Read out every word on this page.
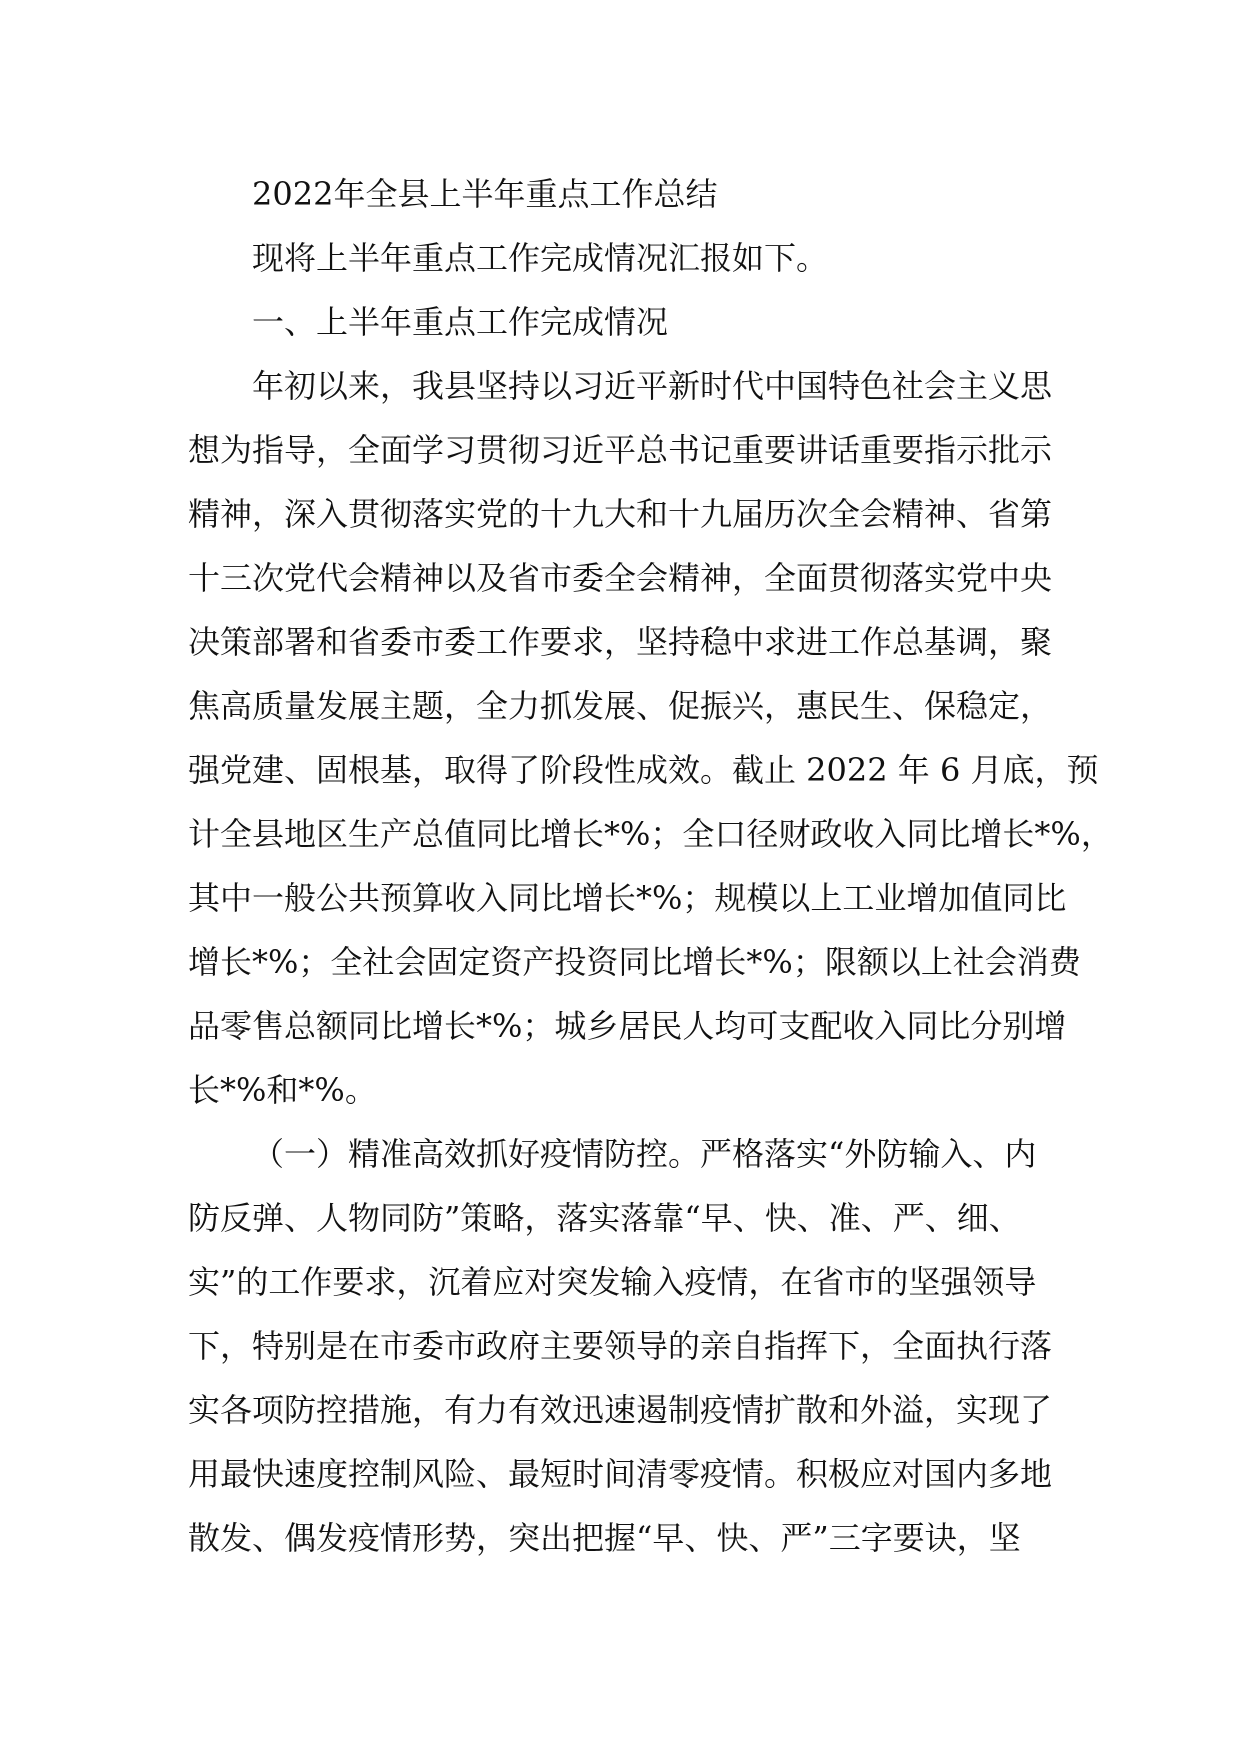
2022年全县上半年重点工作总结
现将上半年重点工作完成情况汇报如下。
一、上半年重点工作完成情况
年初以来，我县坚持以习近平新时代中国特色社会主义思
想为指导，全面学习贯彻习近平总书记重要讲话重要指示批示
精神，深入贯彻落实党的十九大和十九届历次全会精神、省第
十三次党代会精神以及省市委全会精神，全面贯彻落实党中央
决策部署和省委市委工作要求，坚持稳中求进工作总基调，聚
焦高质量发展主题，全力抓发展、促振兴，惠民生、保稳定，
强党建、固根基，取得了阶段性成效。截止 2022 年 6 月底，预
计全县地区生产总值同比增长*%；全口径财政收入同比增长*%，
其中一般公共预算收入同比增长*%；规模以上工业增加值同比
增长*%；全社会固定资产投资同比增长*%；限额以上社会消费
品零售总额同比增长*%；城乡居民人均可支配收入同比分别增
长*%和*%。
（一）精准高效抓好疫情防控。严格落实“外防输入、内
防反弹、人物同防”策略，落实落靠“早、快、准、严、细、
实”的工作要求，沉着应对突发输入疫情，在省市的坚强领导
下，特别是在市委市政府主要领导的亲自指挥下，全面执行落
实各项防控措施，有力有效迅速遏制疫情扩散和外溢，实现了
用最快速度控制风险、最短时间清零疫情。积极应对国内多地
散发、偶发疫情形势，突出把握“早、快、严”三字要诀，坚
